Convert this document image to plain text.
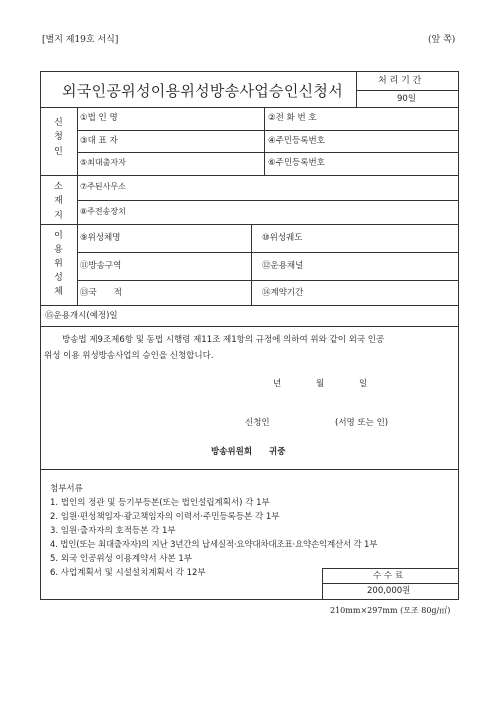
[별지 제19호 서식]	(앞 쪽)
외국인공위성이용위성방송사업승인신청서
처 리 기 간
90일
신
청
인
①법 인 명	②전 화 번 호
③대 표 자	④주민등록번호
⑤최대출자자	⑥주민등록번호
소
재
지
⑦주된사무소
⑧주전송장치
이
용
위
성
체
⑨위성체명	⑩위성궤도
⑪방송구역	⑫운용채널
⑬국　　적	⑭계약기간
⑮운용개시(예정)일
방송법 제9조제6항 및 동법 시행령 제11조 제1항의 규정에 의하여 위와 같이 외국 인공
위성 이용 위성방송사업의 승인을 신청합니다.
년	월	일
신청인	(서명 또는 인)
방송위원회　　귀중
첨부서류
1. 법인의 정관 및 등기부등본(또는 법인설립계획서) 각 1부
2. 임원·편성책임자·광고책임자의 이력서·주민등록등본 각 1부
3. 임원·출자자의 호적등본 각 1부
4. 법인(또는 최대출자자)의 지난 3년간의 납세실적·요약대차대조표·요약손익계산서 각 1부
5. 외국 인공위성 이용계약서 사본 1부
6. 사업계획서 및 시설설치계획서 각 12부	수 수 료
200,000원
210mm×297mm (모조 80g/㎡)
